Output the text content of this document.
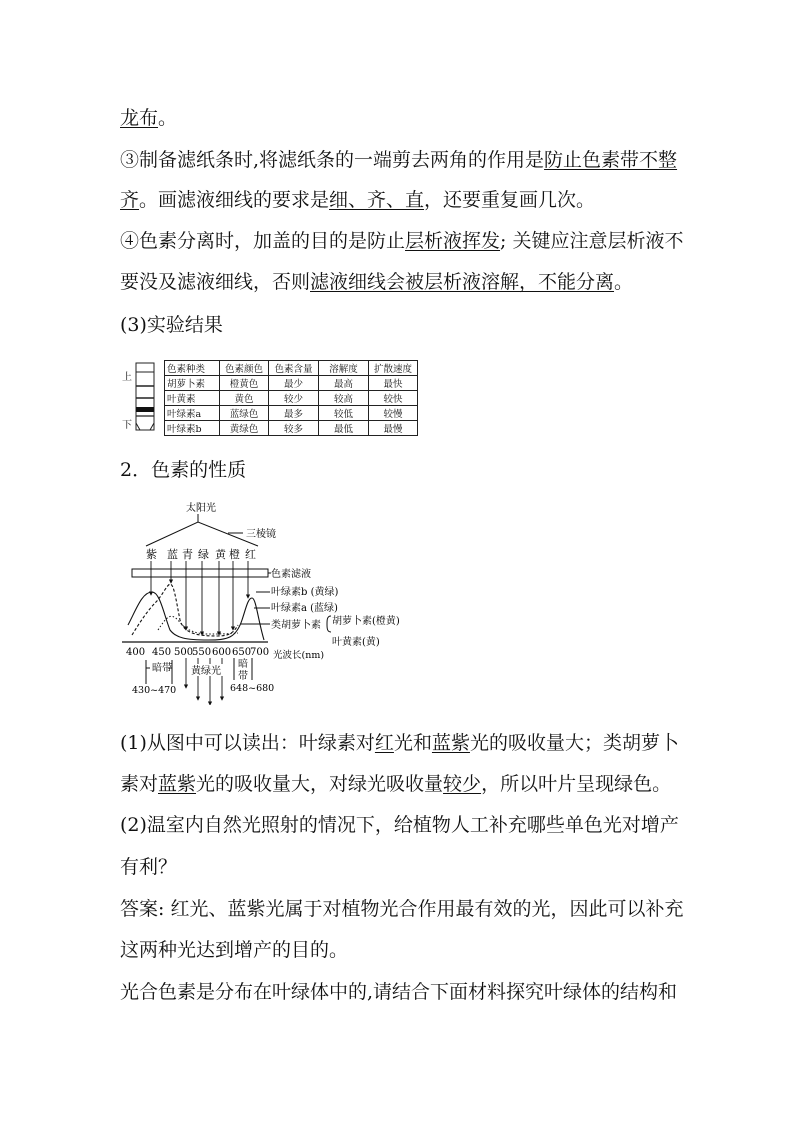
龙布。
③制备滤纸条时,将滤纸条的一端剪去两角的作用是防止色素带不整
齐。画滤液细线的要求是细、齐、直，还要重复画几次。
④色素分离时，加盖的目的是防止层析液挥发; 关键应注意层析液不
要没及滤液细线，否则滤液细线会被层析液溶解，不能分离。
(3)实验结果
上
下
色素种类	色素颜色	色素含量	溶解度	扩散速度
胡萝卜素	橙黄色	最少	最高	最快
叶黄素	黄色	较少	较高	较快
叶绿素a	蓝绿色	最多	较低	较慢
叶绿素b	黄绿色	较多	最低	最慢
2．色素的性质
太阳光
三棱镜
紫 蓝 青 绿 黄 橙 红
色素滤液
叶绿素b (黄绿)
叶绿素a (蓝绿)
类胡萝卜素 胡萝卜素(橙黄)
叶黄素(黄)
400 450 500
550 600 650
700 光波长(nm)
暗带
430~470
黄绿光
暗
带
648~680
(1)从图中可以读出：叶绿素对红光和蓝紫光的吸收量大；类胡萝卜
素对蓝紫光的吸收量大，对绿光吸收量较少，所以叶片呈现绿色。
(2)温室内自然光照射的情况下，给植物人工补充哪些单色光对增产
有利？
答案: 红光、蓝紫光属于对植物光合作用最有效的光，因此可以补充
这两种光达到增产的目的。
光合色素是分布在叶绿体中的,请结合下面材料探究叶绿体的结构和
